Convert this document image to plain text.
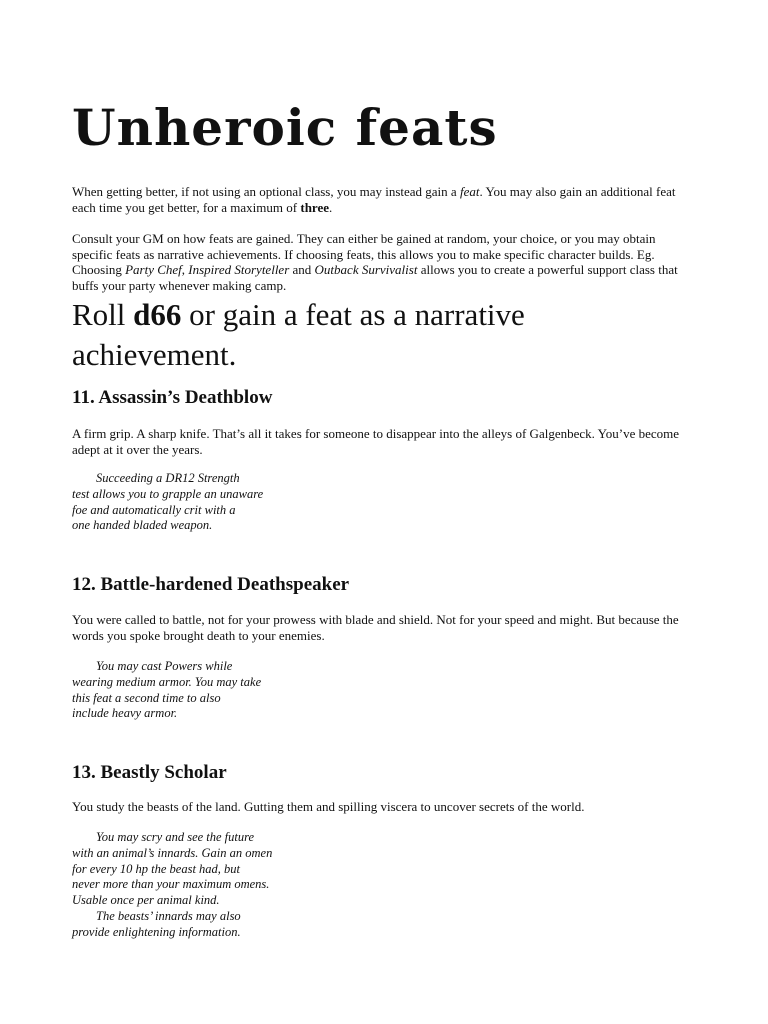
Unheroic feats

When getting better, if not using an optional class, you may instead gain a feat. You may also gain an additional feat each time you get better, for a maximum of three.

Consult your GM on how feats are gained. They can either be gained at random, your choice, or you may obtain specific feats as narrative achievements. If choosing feats, this allows you to make specific character builds. Eg. Choosing Party Chef, Inspired Storyteller and Outback Survivalist allows you to create a powerful support class that buffs your party whenever making camp.

Roll d66 or gain a feat as a narrative achievement.
11. Assassin’s Deathblow

A firm grip. A sharp knife. That’s all it takes for someone to disappear into the alleys of Galgenbeck. You’ve become adept at it over the years.

Succeeding a DR12 Strength
test allows you to grapple an unaware
foe and automatically crit with a
one handed bladed weapon.
12. Battle-hardened Deathspeaker

You were called to battle, not for your prowess with blade and shield. Not for your speed and might. But because the words you spoke brought death to your enemies.

You may cast Powers while
wearing medium armor. You may take
this feat a second time to also
include heavy armor.
13. Beastly Scholar

You study the beasts of the land. Gutting them and spilling viscera to uncover secrets of the world.

You may scry and see the future
with an animal’s innards. Gain an omen
for every 10 hp the beast had, but
never more than your maximum omens.
Usable once per animal kind.
The beasts’ innards may also
provide enlightening information.
